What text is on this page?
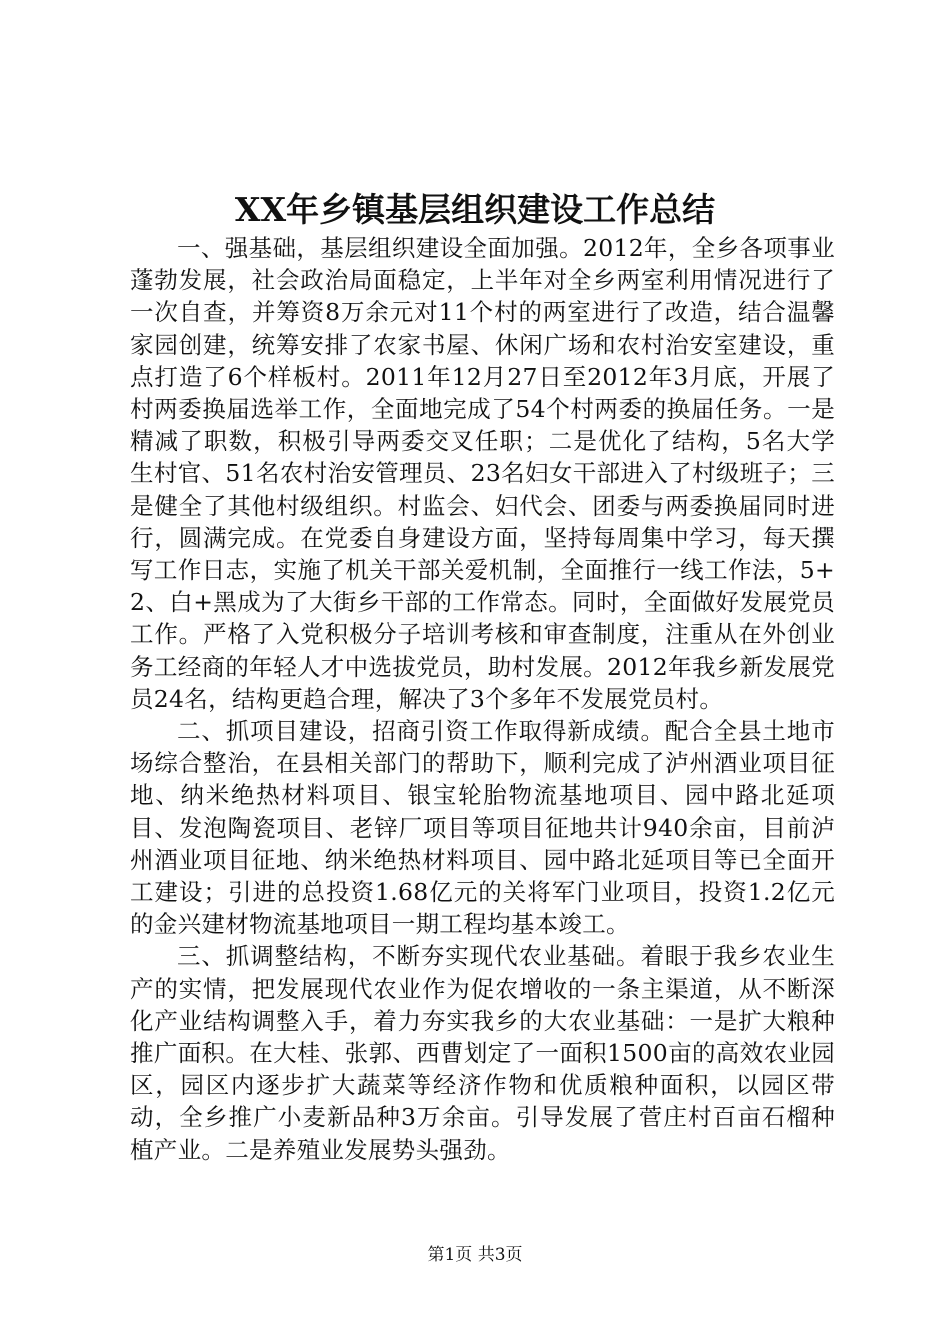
XX年乡镇基层组织建设工作总结

一、强基础，基层组织建设全面加强。2012年，全乡各项事业蓬勃发展，社会政治局面稳定，上半年对全乡两室利用情况进行了一次自查，并筹资8万余元对11个村的两室进行了改造，结合温馨家园创建，统筹安排了农家书屋、休闲广场和农村治安室建设，重点打造了6个样板村。2011年12月27日至2012年3月底，开展了村两委换届选举工作，全面地完成了54个村两委的换届任务。一是精减了职数，积极引导两委交叉任职；二是优化了结构，5名大学生村官、51名农村治安管理员、23名妇女干部进入了村级班子；三是健全了其他村级组织。村监会、妇代会、团委与两委换届同时进行，圆满完成。在党委自身建设方面，坚持每周集中学习，每天撰写工作日志，实施了机关干部关爱机制，全面推行一线工作法，5+2、白+黑成为了大街乡干部的工作常态。同时，全面做好发展党员工作。严格了入党积极分子培训考核和审查制度，注重从在外创业务工经商的年轻人才中选拔党员，助村发展。2012年我乡新发展党员24名，结构更趋合理，解决了3个多年不发展党员村。

二、抓项目建设，招商引资工作取得新成绩。配合全县土地市场综合整治，在县相关部门的帮助下，顺利完成了泸州酒业项目征地、纳米绝热材料项目、银宝轮胎物流基地项目、园中路北延项目、发泡陶瓷项目、老锌厂项目等项目征地共计940余亩，目前泸州酒业项目征地、纳米绝热材料项目、园中路北延项目等已全面开工建设；引进的总投资1.68亿元的关将军门业项目，投资1.2亿元的金兴建材物流基地项目一期工程均基本竣工。

三、抓调整结构，不断夯实现代农业基础。着眼于我乡农业生产的实情，把发展现代农业作为促农增收的一条主渠道，从不断深化产业结构调整入手，着力夯实我乡的大农业基础：一是扩大粮种推广面积。在大桂、张郭、西曹划定了一面积1500亩的高效农业园区，园区内逐步扩大蔬菜等经济作物和优质粮种面积，以园区带动，全乡推广小麦新品种3万余亩。引导发展了菅庄村百亩石榴种植产业。二是养殖业发展势头强劲。

第1页 共3页
